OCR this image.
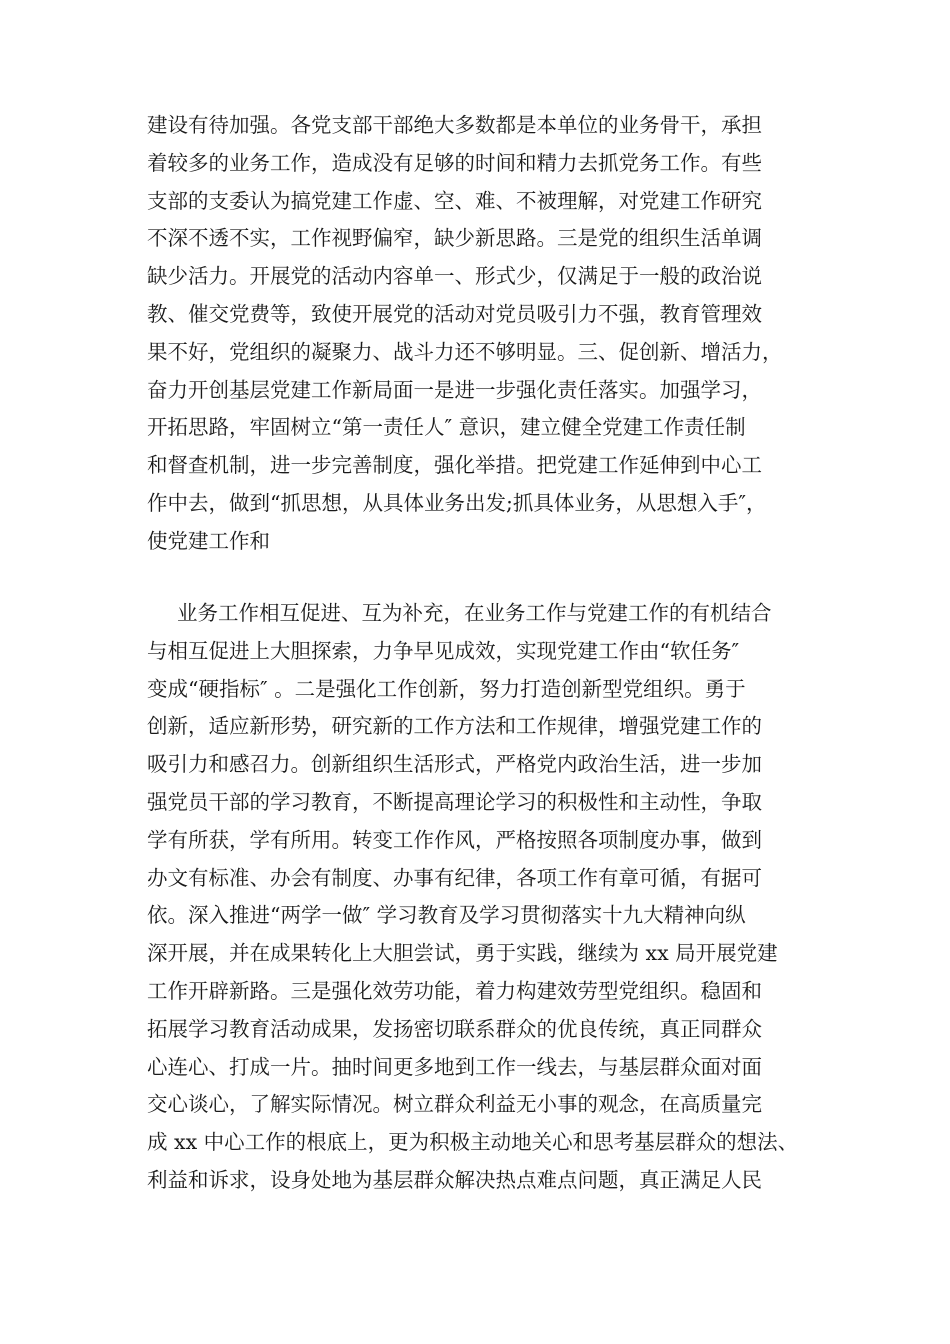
建设有待加强。各党支部干部绝大多数都是本单位的业务骨干，承担
着较多的业务工作，造成没有足够的时间和精力去抓党务工作。有些
支部的支委认为搞党建工作虚、空、难、不被理解，对党建工作研究
不深不透不实，工作视野偏窄，缺少新思路。三是党的组织生活单调
缺少活力。开展党的活动内容单一、形式少，仅满足于一般的政治说
教、催交党费等，致使开展党的活动对党员吸引力不强，教育管理效
果不好，党组织的凝聚力、战斗力还不够明显。三、促创新、增活力，
奋力开创基层党建工作新局面一是进一步强化责任落实。加强学习，
开拓思路，牢固树立“第一责任人″ 意识，建立健全党建工作责任制
和督查机制，进一步完善制度，强化举措。把党建工作延伸到中心工
作中去，做到“抓思想，从具体业务出发;抓具体业务，从思想入手″，
使党建工作和
业务工作相互促进、互为补充，在业务工作与党建工作的有机结合
与相互促进上大胆探索，力争早见成效，实现党建工作由“软任务″
变成“硬指标″ 。二是强化工作创新，努力打造创新型党组织。勇于
创新，适应新形势，研究新的工作方法和工作规律，增强党建工作的
吸引力和感召力。创新组织生活形式，严格党内政治生活，进一步加
强党员干部的学习教育，不断提高理论学习的积极性和主动性，争取
学有所获，学有所用。转变工作作风，严格按照各项制度办事，做到
办文有标准、办会有制度、办事有纪律，各项工作有章可循，有据可
依。深入推进“两学一做″ 学习教育及学习贯彻落实十九大精神向纵
深开展，并在成果转化上大胆尝试，勇于实践，继续为 xx 局开展党建
工作开辟新路。三是强化效劳功能，着力构建效劳型党组织。稳固和
拓展学习教育活动成果，发扬密切联系群众的优良传统，真正同群众
心连心、打成一片。抽时间更多地到工作一线去，与基层群众面对面
交心谈心，了解实际情况。树立群众利益无小事的观念，在高质量完
成 xx 中心工作的根底上，更为积极主动地关心和思考基层群众的想法、
利益和诉求，设身处地为基层群众解决热点难点问题，真正满足人民
